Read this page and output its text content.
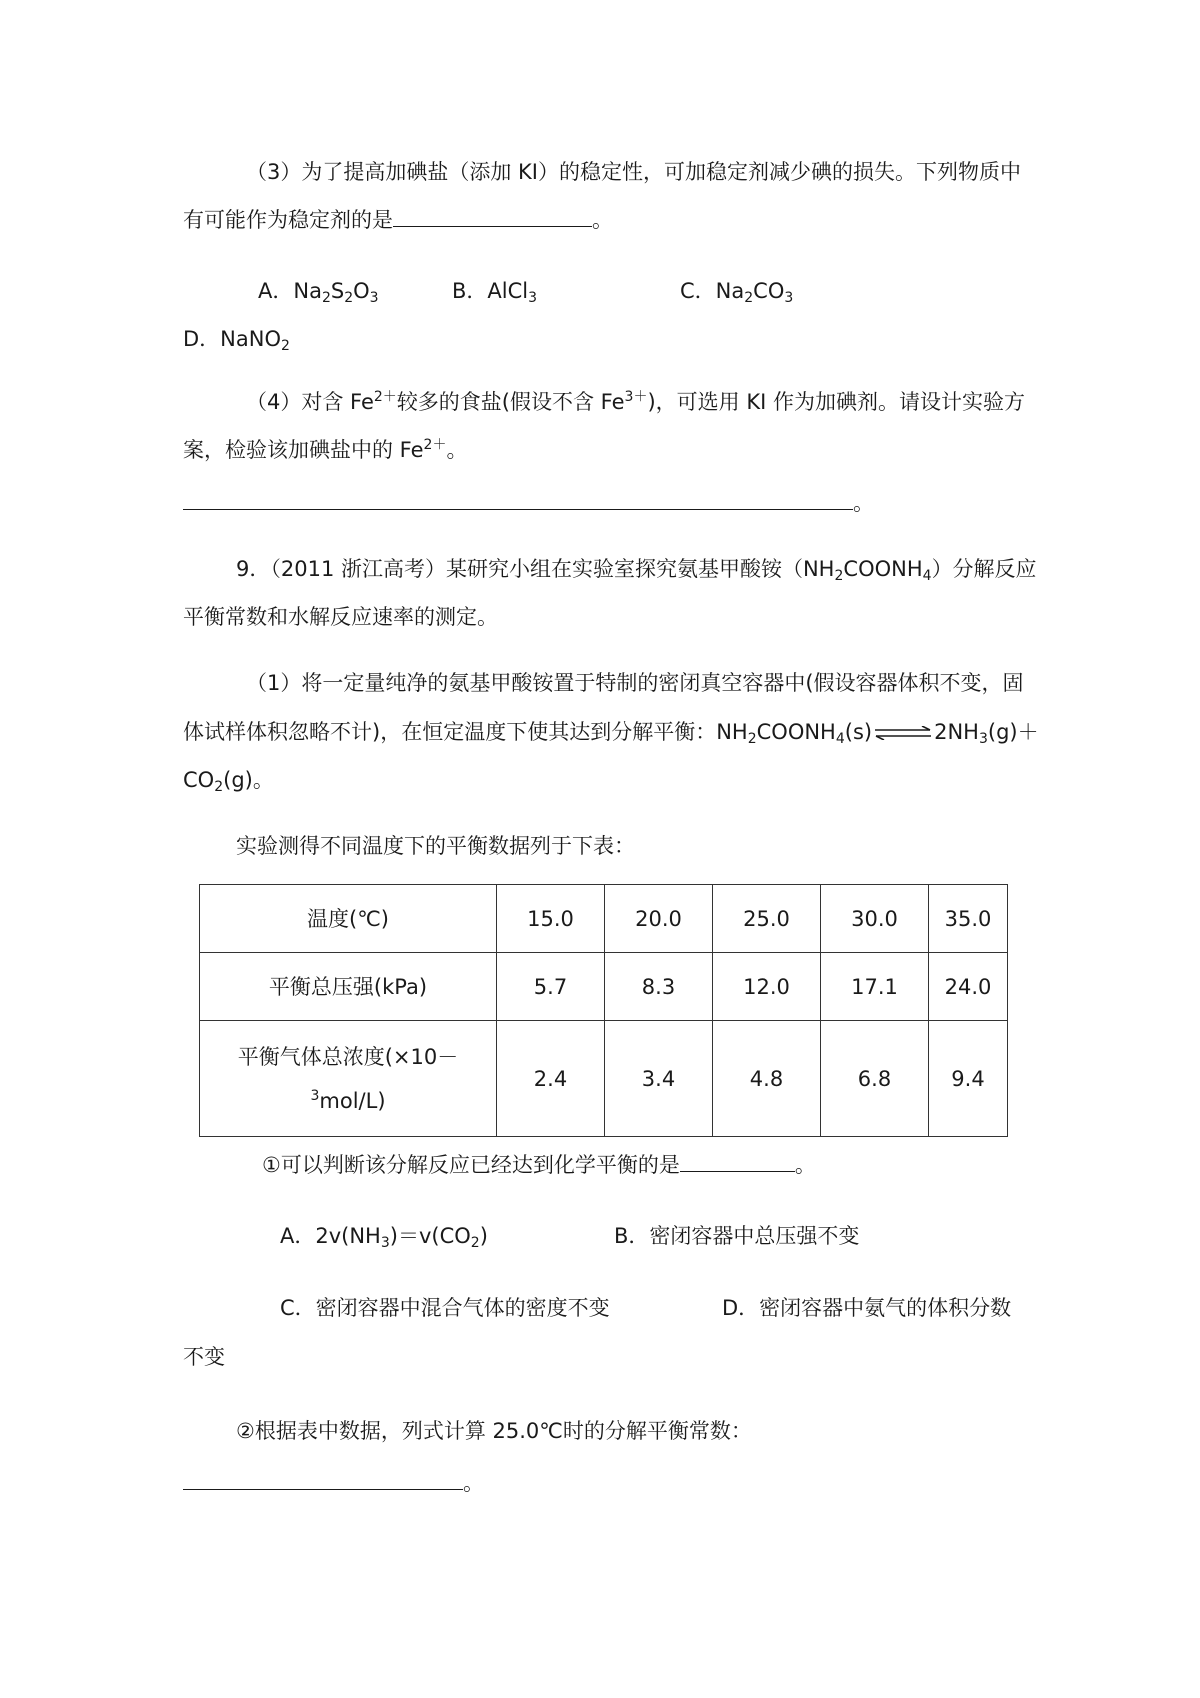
（3）为了提高加碘盐（添加 KI）的稳定性，可加稳定剂减少碘的损失。下列物质中
有可能作为稳定剂的是	。
A．$Na_2S_2O_3$	B．AlCl$_3$	C．$Na_2CO_3$
D．NaNO$_2$
（4）对含 $Fe^{2+}$较多的食盐(假设不含 $Fe^{3+}$)，可选用 KI 作为加碘剂。请设计实验方
案，检验该加碘盐中的 $Fe^{2+}$。
。
9．（2011 浙江高考）某研究小组在实验室探究氨基甲酸铵$(NH_2COONH_4)$分解反应
平衡常数和水解反应速率的测定。
（1）将一定量纯净的氨基甲酸铵置于特制的密闭真空容器中(假设容器体积不变，固
体试样体积忽略不计)，在恒定温度下使其达到分解平衡：$NH_2COONH_4(s)\rightleftharpoons 2NH_3(g)+$
$CO_2(g)$。
实验测得不同温度下的平衡数据列于下表：
温度(℃)	15.0	20.0	25.0	30.0	35.0
平衡总压强(kPa)	5.7	8.3	12.0	17.1	24.0
平衡气体总浓度(×10－
$^3$mol/L)	2.4	3.4	4.8	6.8	9.4
①可以判断该分解反应已经达到化学平衡的是	。
A．$2v(NH_3)=v(CO_2)$	B．密闭容器中总压强不变
C．密闭容器中混合气体的密度不变	D．密闭容器中氨气的体积分数
不变
②根据表中数据，列式计算 25.0℃时的分解平衡常数：
。
